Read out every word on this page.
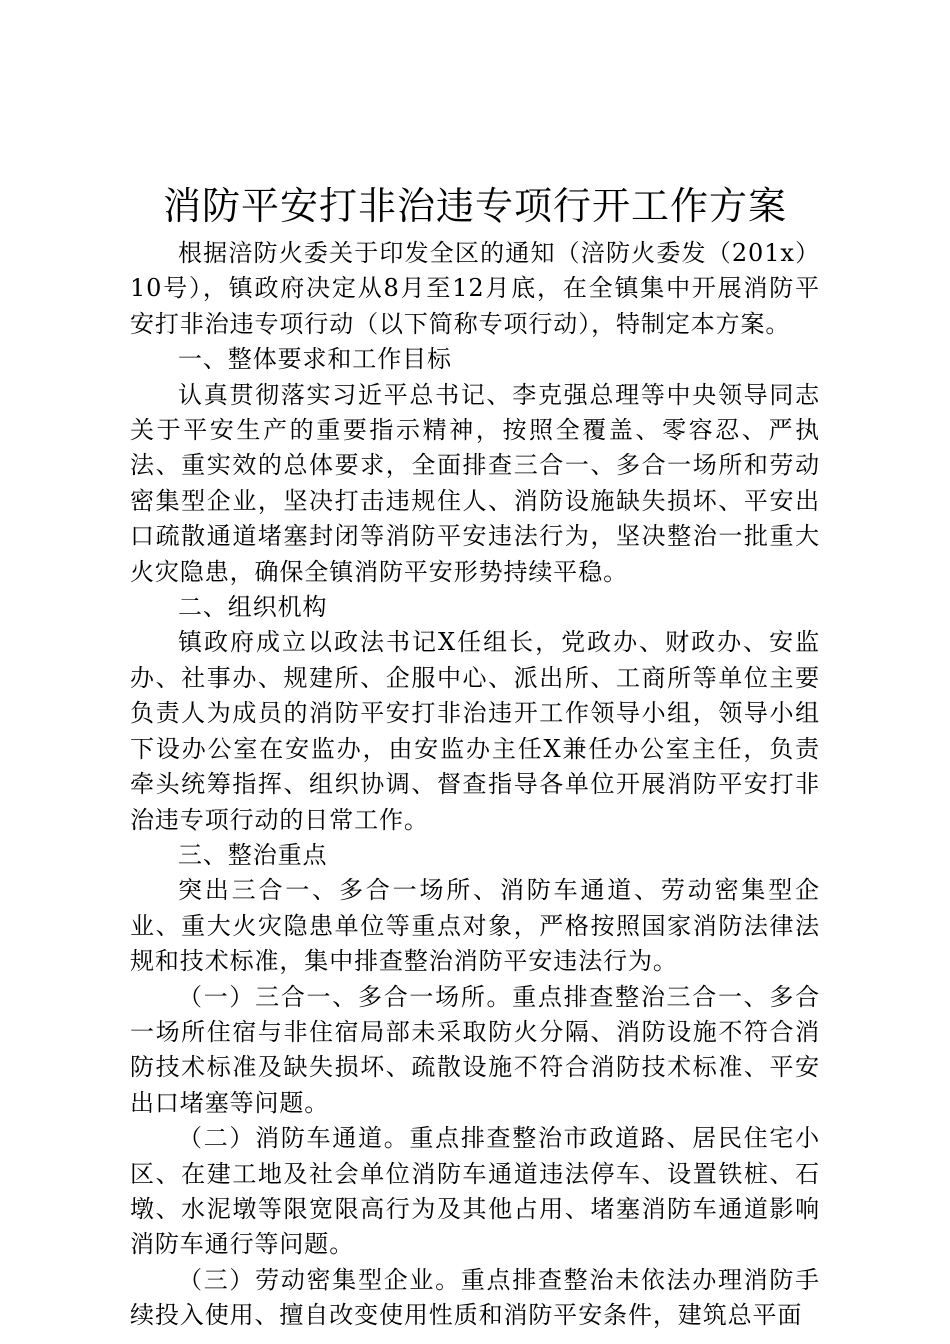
消防平安打非治违专项行开工作方案

根据涪防火委关于印发全区的通知（涪防火委发（201x）10号），镇政府决定从8月至12月底，在全镇集中开展消防平安打非治违专项行动（以下简称专项行动），特制定本方案。

一、整体要求和工作目标

认真贯彻落实习近平总书记、李克强总理等中央领导同志关于平安生产的重要指示精神，按照全覆盖、零容忍、严执法、重实效的总体要求，全面排查三合一、多合一场所和劳动密集型企业，坚决打击违规住人、消防设施缺失损坏、平安出口疏散通道堵塞封闭等消防平安违法行为，坚决整治一批重大火灾隐患，确保全镇消防平安形势持续平稳。

二、组织机构

镇政府成立以政法书记X任组长，党政办、财政办、安监办、社事办、规建所、企服中心、派出所、工商所等单位主要负责人为成员的消防平安打非治违开工作领导小组，领导小组下设办公室在安监办，由安监办主任X兼任办公室主任，负责牵头统筹指挥、组织协调、督查指导各单位开展消防平安打非治违专项行动的日常工作。

三、整治重点

突出三合一、多合一场所、消防车通道、劳动密集型企业、重大火灾隐患单位等重点对象，严格按照国家消防法律法规和技术标准，集中排查整治消防平安违法行为。

（一）三合一、多合一场所。重点排查整治三合一、多合一场所住宿与非住宿局部未采取防火分隔、消防设施不符合消防技术标准及缺失损坏、疏散设施不符合消防技术标准、平安出口堵塞等问题。

（二）消防车通道。重点排查整治市政道路、居民住宅小区、在建工地及社会单位消防车通道违法停车、设置铁桩、石墩、水泥墩等限宽限高行为及其他占用、堵塞消防车通道影响消防车通行等问题。

（三）劳动密集型企业。重点排查整治未依法办理消防手续投入使用、擅自改变使用性质和消防平安条件，建筑总平面
